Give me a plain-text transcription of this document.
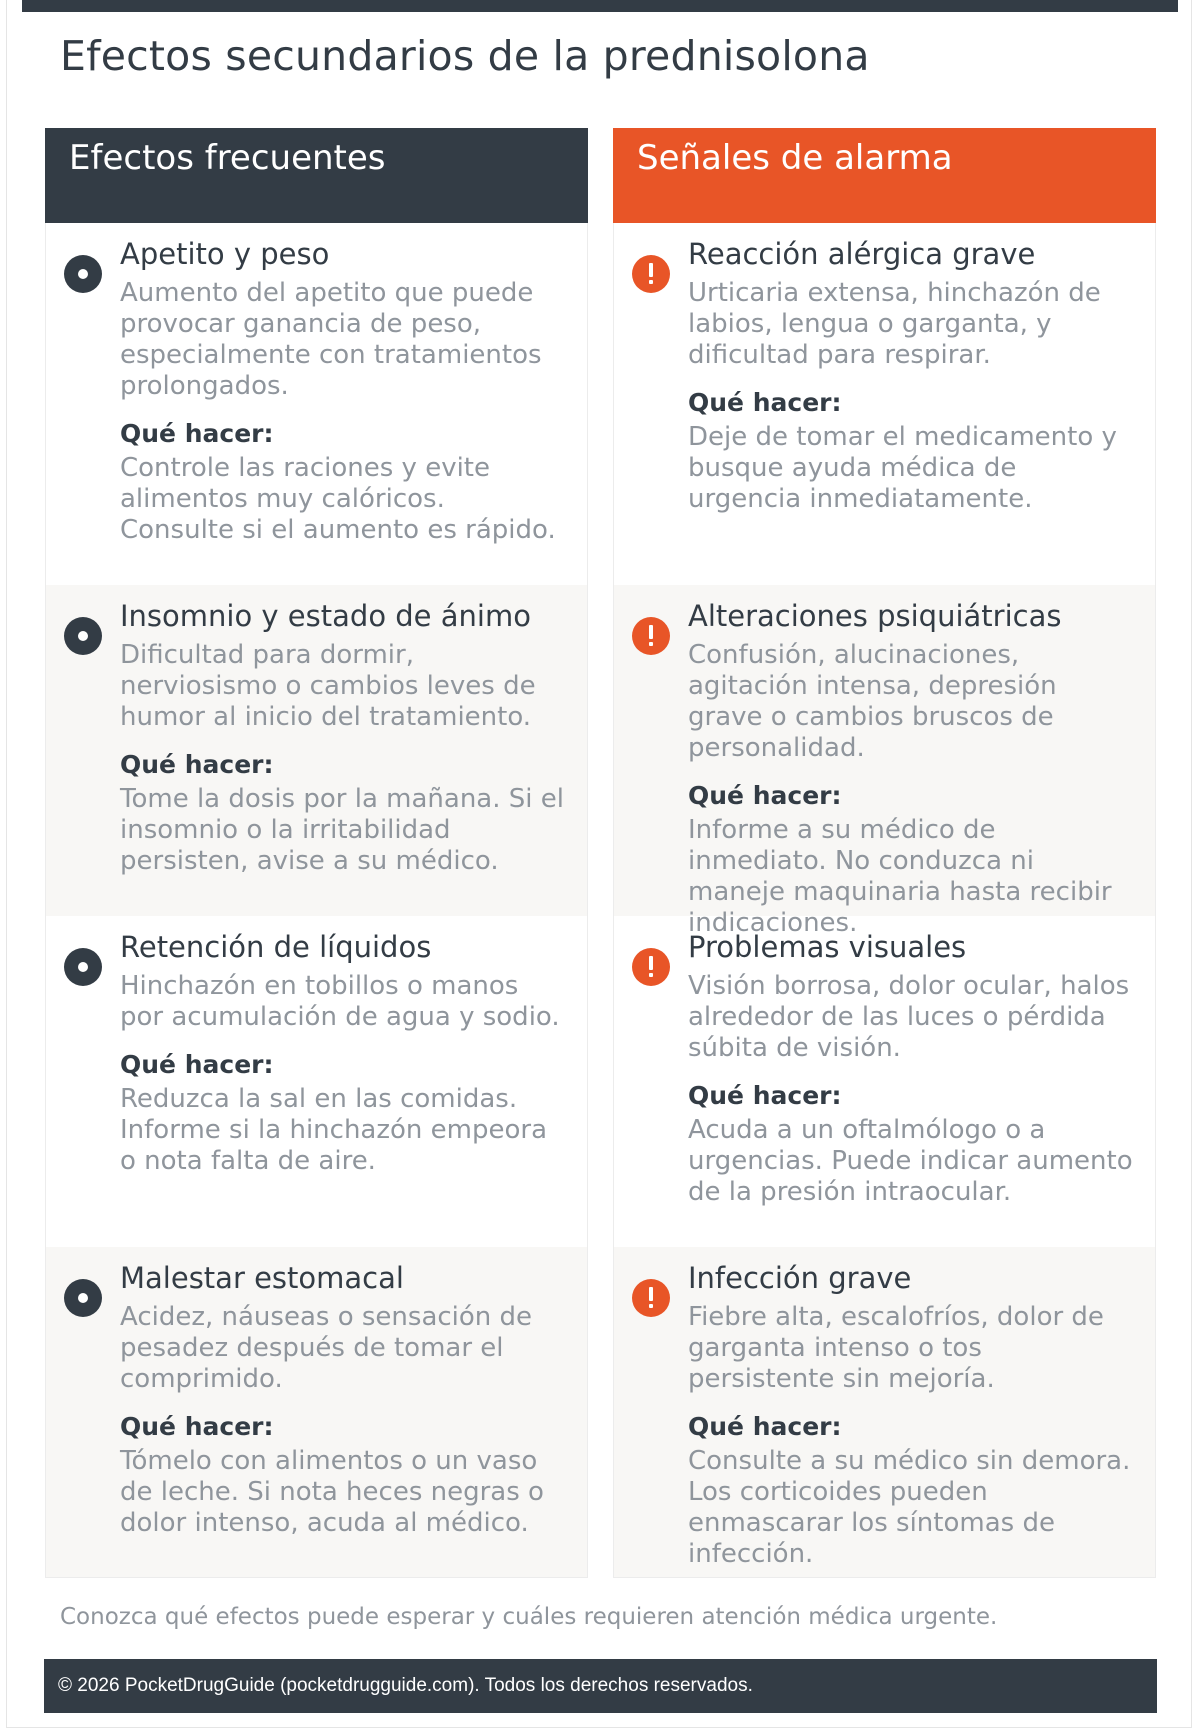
Efectos secundarios de la prednisolona
Efectos frecuentes
Apetito y peso

Aumento del apetito que puede provocar ganancia de peso, especialmente con tratamientos prolongados.

Qué hacer:

Controle las raciones y evite alimentos muy calóricos. Consulte si el aumento es rápido.

Insomnio y estado de ánimo

Dificultad para dormir, nerviosismo o cambios leves de humor al inicio del tratamiento.

Qué hacer:

Tome la dosis por la mañana. Si el insomnio o la irritabilidad persisten, avise a su médico.

Retención de líquidos

Hinchazón en tobillos o manos por acumulación de agua y sodio.

Qué hacer:

Reduzca la sal en las comidas. Informe si la hinchazón empeora o nota falta de aire.

Malestar estomacal

Acidez, náuseas o sensación de pesadez después de tomar el comprimido.

Qué hacer:

Tómelo con alimentos o un vaso de leche. Si nota heces negras o dolor intenso, acuda al médico.

Señales de alarma
Reacción alérgica grave

Urticaria extensa, hinchazón de labios, lengua o garganta, y dificultad para respirar.

Qué hacer:

Deje de tomar el medicamento y busque ayuda médica de urgencia inmediatamente.

Alteraciones psiquiátricas

Confusión, alucinaciones, agitación intensa, depresión grave o cambios bruscos de personalidad.

Qué hacer:

Informe a su médico de inmediato. No conduzca ni maneje maquinaria hasta recibir indicaciones.

Problemas visuales

Visión borrosa, dolor ocular, halos alrededor de las luces o pérdida súbita de visión.

Qué hacer:

Acuda a un oftalmólogo o a urgencias. Puede indicar aumento de la presión intraocular.

Infección grave

Fiebre alta, escalofríos, dolor de garganta intenso o tos persistente sin mejoría.

Qué hacer:

Consulte a su médico sin demora. Los corticoides pueden enmascarar los síntomas de infección.

Conozca qué efectos puede esperar y cuáles requieren atención médica urgente.

© 2026 PocketDrugGuide (pocketdrugguide.com). Todos los derechos reservados.
